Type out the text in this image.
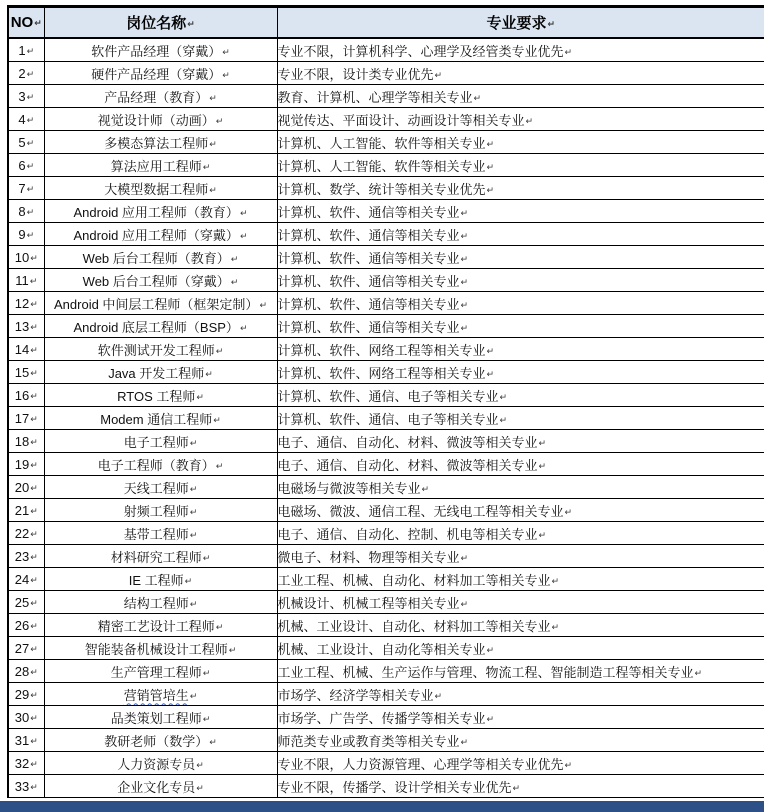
NO↵	岗位名称↵	专业要求↵
1↵	软件产品经理（穿戴）↵	专业不限，计算机科学、心理学及经管类专业优先↵
2↵	硬件产品经理（穿戴）↵	专业不限，设计类专业优先↵
3↵	产品经理（教育）↵	教育、计算机、心理学等相关专业↵
4↵	视觉设计师（动画）↵	视觉传达、平面设计、动画设计等相关专业↵
5↵	多模态算法工程师↵	计算机、人工智能、软件等相关专业↵
6↵	算法应用工程师↵	计算机、人工智能、软件等相关专业↵
7↵	大模型数据工程师↵	计算机、数学、统计等相关专业优先↵
8↵	Android 应用工程师（教育）↵	计算机、软件、通信等相关专业↵
9↵	Android 应用工程师（穿戴）↵	计算机、软件、通信等相关专业↵
10↵	Web 后台工程师（教育）↵	计算机、软件、通信等相关专业↵
11↵	Web 后台工程师（穿戴）↵	计算机、软件、通信等相关专业↵
12↵	Android 中间层工程师（框架定制）↵	计算机、软件、通信等相关专业↵
13↵	Android 底层工程师（BSP）↵	计算机、软件、通信等相关专业↵
14↵	软件测试开发工程师↵	计算机、软件、网络工程等相关专业↵
15↵	Java 开发工程师↵	计算机、软件、网络工程等相关专业↵
16↵	RTOS 工程师↵	计算机、软件、通信、电子等相关专业↵
17↵	Modem 通信工程师↵	计算机、软件、通信、电子等相关专业↵
18↵	电子工程师↵	电子、通信、自动化、材料、微波等相关专业↵
19↵	电子工程师（教育）↵	电子、通信、自动化、材料、微波等相关专业↵
20↵	天线工程师↵	电磁场与微波等相关专业↵
21↵	射频工程师↵	电磁场、微波、通信工程、无线电工程等相关专业↵
22↵	基带工程师↵	电子、通信、自动化、控制、机电等相关专业↵
23↵	材料研究工程师↵	微电子、材料、物理等相关专业↵
24↵	IE 工程师↵	工业工程、机械、自动化、材料加工等相关专业↵
25↵	结构工程师↵	机械设计、机械工程等相关专业↵
26↵	精密工艺设计工程师↵	机械、工业设计、自动化、材料加工等相关专业↵
27↵	智能装备机械设计工程师↵	机械、工业设计、自动化等相关专业↵
28↵	生产管理工程师↵	工业工程、机械、生产运作与管理、物流工程、智能制造工程等相关专业↵
29↵	营销管培生↵	市场学、经济学等相关专业↵
30↵	品类策划工程师↵	市场学、广告学、传播学等相关专业↵
31↵	教研老师（数学）↵	师范类专业或教育类等相关专业↵
32↵	人力资源专员↵	专业不限，人力资源管理、心理学等相关专业优先↵
33↵	企业文化专员↵	专业不限，传播学、设计学相关专业优先↵
